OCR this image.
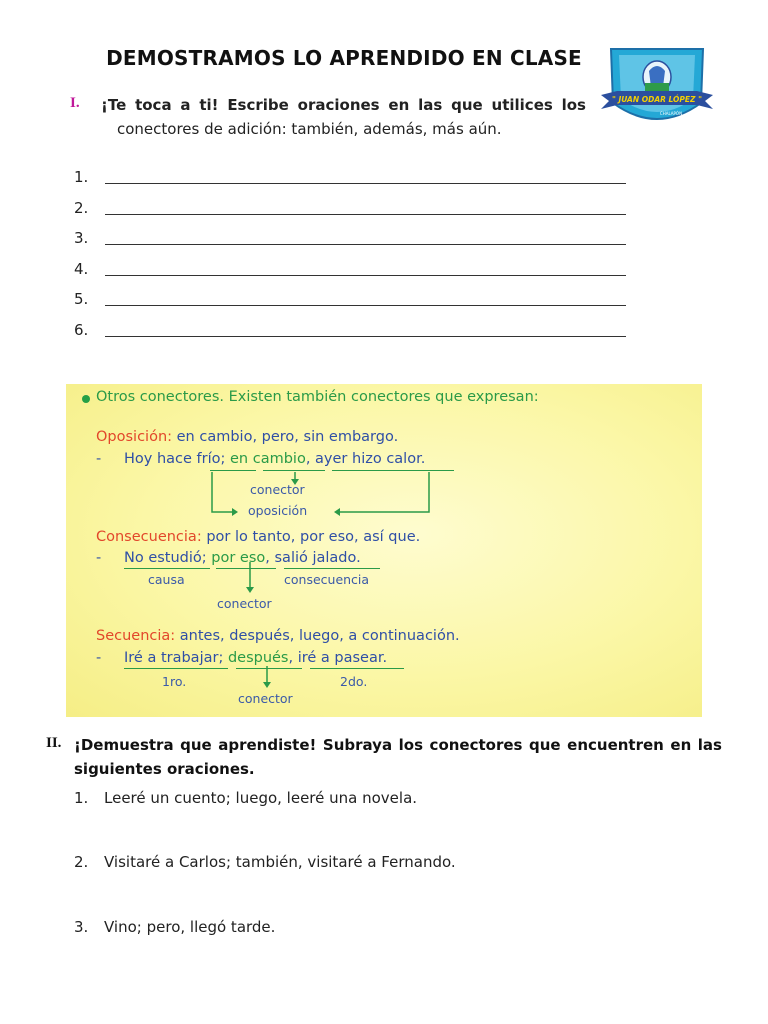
DEMOSTRAMOS LO APRENDIDO EN CLASE
" JUAN ODAR LÓPEZ "
CHALAPÓN
I. ¡Te toca a ti! Escribe oraciones en las que utilices los
conectores de adición: también, además, más aún.
1.
2.
3.
4.
5.
6.
Otros conectores. Existen también conectores que expresan:
Oposición: en cambio, pero, sin embargo.
- Hoy hace frío; en cambio, ayer hizo calor.
conector
oposición
Consecuencia: por lo tanto, por eso, así que.
- No estudió; por eso, salió jalado.
causa	consecuencia
conector
Secuencia: antes, después, luego, a continuación.
- Iré a trabajar; después, iré a pasear.
1ro.	2do.
conector
II. ¡Demuestra que aprendiste! Subraya los conectores que encuentren en las
siguientes oraciones.
1. Leeré un cuento; luego, leeré una novela.
2. Visitaré a Carlos; también, visitaré a Fernando.
3. Vino; pero, llegó tarde.
